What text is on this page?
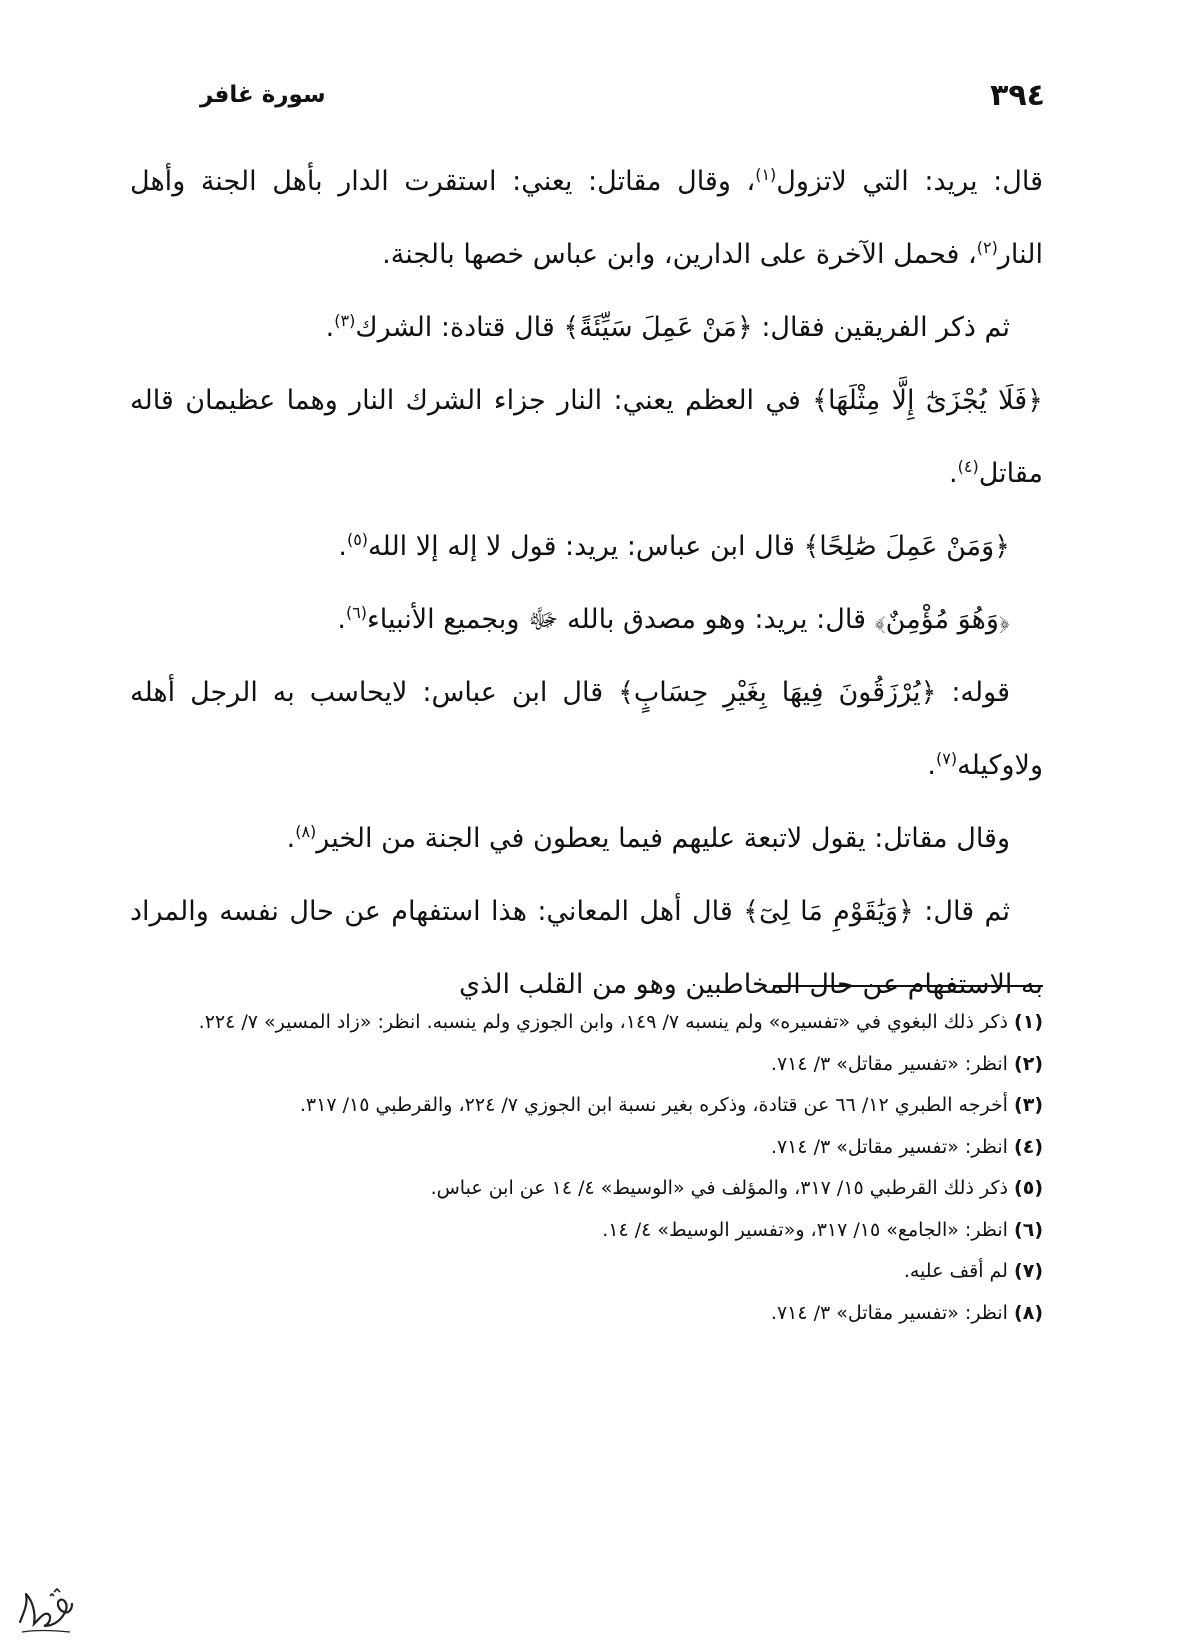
٣٩٤
سورة غافر

قال: يريد: التي لاتزول$^{(١)}$، وقال مقاتل: يعني: استقرت الدار بأهل الجنة وأهل النار$^{(٢)}$، فحمل الآخرة على الدارين، وابن عباس خصها بالجنة.

ثم ذكر الفريقين فقال: ﴿مَنْ عَمِلَ سَيِّئَةً﴾ قال قتادة: الشرك$^{(٣)}$.

﴿فَلَا يُجْزَىٰٓ إِلَّا مِثْلَهَا﴾ في العظم يعني: النار جزاء الشرك النار وهما عظيمان قاله مقاتل$^{(٤)}$.

﴿وَمَنْ عَمِلَ صَٰلِحًا﴾ قال ابن عباس: يريد: قول لا إله إلا الله$^{(٥)}$.

﴿وَهُوَ مُؤْمِنٌ﴾ قال: يريد: وهو مصدق بالله ﷻ وبجميع الأنبياء$^{(٦)}$.

قوله: ﴿يُرْزَقُونَ فِيهَا بِغَيْرِ حِسَابٍ﴾ قال ابن عباس: لايحاسب به الرجل أهله ولاوكيله$^{(٧)}$.

وقال مقاتل: يقول لاتبعة عليهم فيما يعطون في الجنة من الخير$^{(٨)}$.

ثم قال: ﴿وَيَٰقَوْمِ مَا لِىٓ﴾ قال أهل المعاني: هذا استفهام عن حال نفسه والمراد به الاستفهام عن حال المخاطبين وهو من القلب الذي

(١) ذكر ذلك البغوي في «تفسيره» ولم ينسبه ٧/ ١٤٩، وابن الجوزي ولم ينسبه. انظر: «زاد المسير» ٧/ ٢٢٤.

(٢) انظر: «تفسير مقاتل» ٣/ ٧١٤.

(٣) أخرجه الطبري ١٢/ ٦٦ عن قتادة، وذكره بغير نسبة ابن الجوزي ٧/ ٢٢٤، والقرطبي ١٥/ ٣١٧.

(٤) انظر: «تفسير مقاتل» ٣/ ٧١٤.

(٥) ذكر ذلك القرطبي ١٥/ ٣١٧، والمؤلف في «الوسيط» ٤/ ١٤ عن ابن عباس.

(٦) انظر: «الجامع» ١٥/ ٣١٧، و«تفسير الوسيط» ٤/ ١٤.

(٧) لم أقف عليه.

(٨) انظر: «تفسير مقاتل» ٣/ ٧١٤.
